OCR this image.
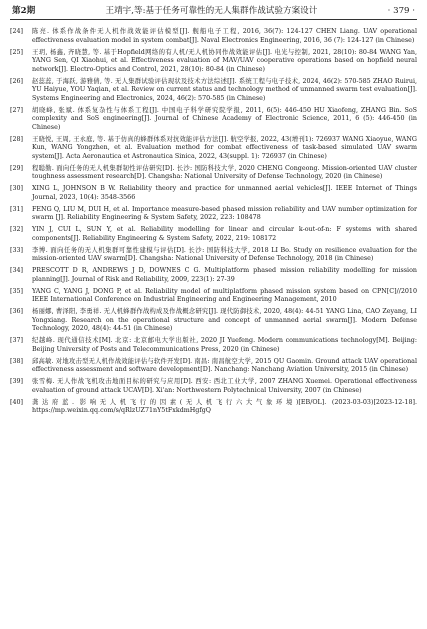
第2期	王靖宇,等:基于任务可靠性的无人集群作战试验方案设计	· 379 ·
[24]	陈亮. 体系作战条件无人机作战效能评估模型[J]. 舰船电子工程, 2016, 36(7): 124-127 CHEN Liang. UAV operational effectiveness evaluation model in system combat[J]. Naval Electronics Engineering, 2016, 36 (7): 124-127 (in Chinese)
[25]	王玥, 杨鑫, 齐晓慧, 等. 基于Hopfield网络的有人机/无人机协同作战效能评估[J]. 电光与控制, 2021, 28(10): 80-84 WANG Yan, YANG Sen, QI Xiaohui, et al. Effectiveness evaluation of MAV/UAV cooperative operations based on hopfield neural network[J]. Electro-Optics and Control, 2021, 28(10): 80-84 (in Chinese)
[26]	赵蕊蕊, 于海跃, 游雅倩, 等. 无人集群试验评估现状及技术方法综述[J]. 系统工程与电子技术, 2024, 46(2): 570-585 ZHAO Ruirui, YU Haiyue, YOU Yaqian, et al. Review on current status and technology method of unmanned swarm test evaluation[J]. Systems Engineering and Electronics, 2024, 46(2): 570-585 (in Chinese)
[27]	胡晓峰, 张斌. 体系复杂性与体系工程[J]. 中国电子科学研究院学报, 2011, 6(5): 446-450 HU Xiaofeng, ZHANG Bin. SoS complexity and SoS engineering[J]. Journal of Chinese Academy of Electronic Science, 2011, 6 (5): 446-450 (in Chinese)
[28]	王晓悦, 王周, 王永庭, 等. 基于仿真的蜂群体系对抗效能评估方法[J]. 航空学报, 2022, 43(增刊1): 726937 WANG Xiaoyue, WANG Kun, WANG Yongzhen, et al. Evaluation method for combat effectiveness of task-based simulated UAV swarm system[J]. Acta Aeronautica et Astronautica Sinica, 2022, 43(suppl. 1): 726937 (in Chinese)
[29]	程聪勤. 面向任务的无人机集群韧性评估研究[D]. 长沙: 国防科技大学, 2020 CHENG Congeong. Mission-oriented UAV cluster toughness assessment research[D]. Changsha: National University of Defense Technology, 2020 (in Chinese)
[30]	XING L, JOHNSON B W. Reliability theory and practice for unmanned aerial vehicles[J]. IEEE Internet of Things Journal, 2023, 10(4): 3548-3566
[31]	FENG Q, LIU M, DUI H, et al. Importance measure-based phased mission reliability and UAV number optimization for swarm [J]. Reliability Engineering & System Safety, 2022, 223: 108478
[32]	YIN J, CUI L, SUN Y, et al. Reliability modelling for linear and circular k-out-of-n: F systems with shared components[J]. Reliability Engineering & System Safety, 2022, 219: 108172
[33]	李博. 面向任务的无人机集群可靠性建模与评估[D]. 长沙: 国防科技大学, 2018 LI Bo. Study on resilience evaluation for the mission-oriented UAV swarm[D]. Changsha: National University of Defense Technology, 2018 (in Chinese)
[34]	PRESCOTT D R, ANDREWS J D, DOWNES C G. Multiplatform phased mission reliability modelling for mission planning[J]. Journal of Risk and Reliability, 2009, 223(1): 27-39
[35]	YANG C, YANG J, DONG P, et al. Reliability model of multiplatform phased mission system based on CPN[C]//2010 IEEE International Conference on Industrial Engineering and Engineering Management, 2010
[36]	杨丽娜, 曹泽阳, 李勇祥. 无人机蜂群作战构成及作战概念研究[J]. 现代防御技术, 2020, 48(4): 44-51 YANG Lina, CAO Zeyang, LI Yongxiang. Research on the operational structure and concept of unmanned aerial swarm[J]. Modern Defense Technology, 2020, 48(4): 44-51 (in Chinese)
[37]	纪越峰. 现代通信技术[M]. 北京: 北京邮电大学出版社, 2020 JI Yuefeng. Modern communications technology[M]. Beijing: Beijing University of Posts and Telecommunications Press, 2020 (in Chinese)
[38]	邱高敏. 对地攻击型无人机作战效能评估与软件开发[D]. 南昌: 南昌航空大学, 2015 QU Gaomin. Ground attack UAV operational effectiveness assessment and software development[D]. Nanchang: Nanchang Aviation University, 2015 (in Chinese)
[39]	张雪梅. 无人作战飞机攻击地面目标的研究与应用[D]. 西安: 西北工业大学, 2007 ZHANG Xuemei. Operational effectiveness evaluation of ground attack UCAV[D]. Xi'an: Northwestern Polytechnical University, 2007 (in Chinese)
[40]	龚达府蓝. 影响无人机飞行的因素(无人机飞行六大气象环境)[EB/OL]. (2023-03-03)[2023-12-18]. https://mp.weixin.qq.com/s/qRlzUZ71nY5tFxkdmHgfgQ
